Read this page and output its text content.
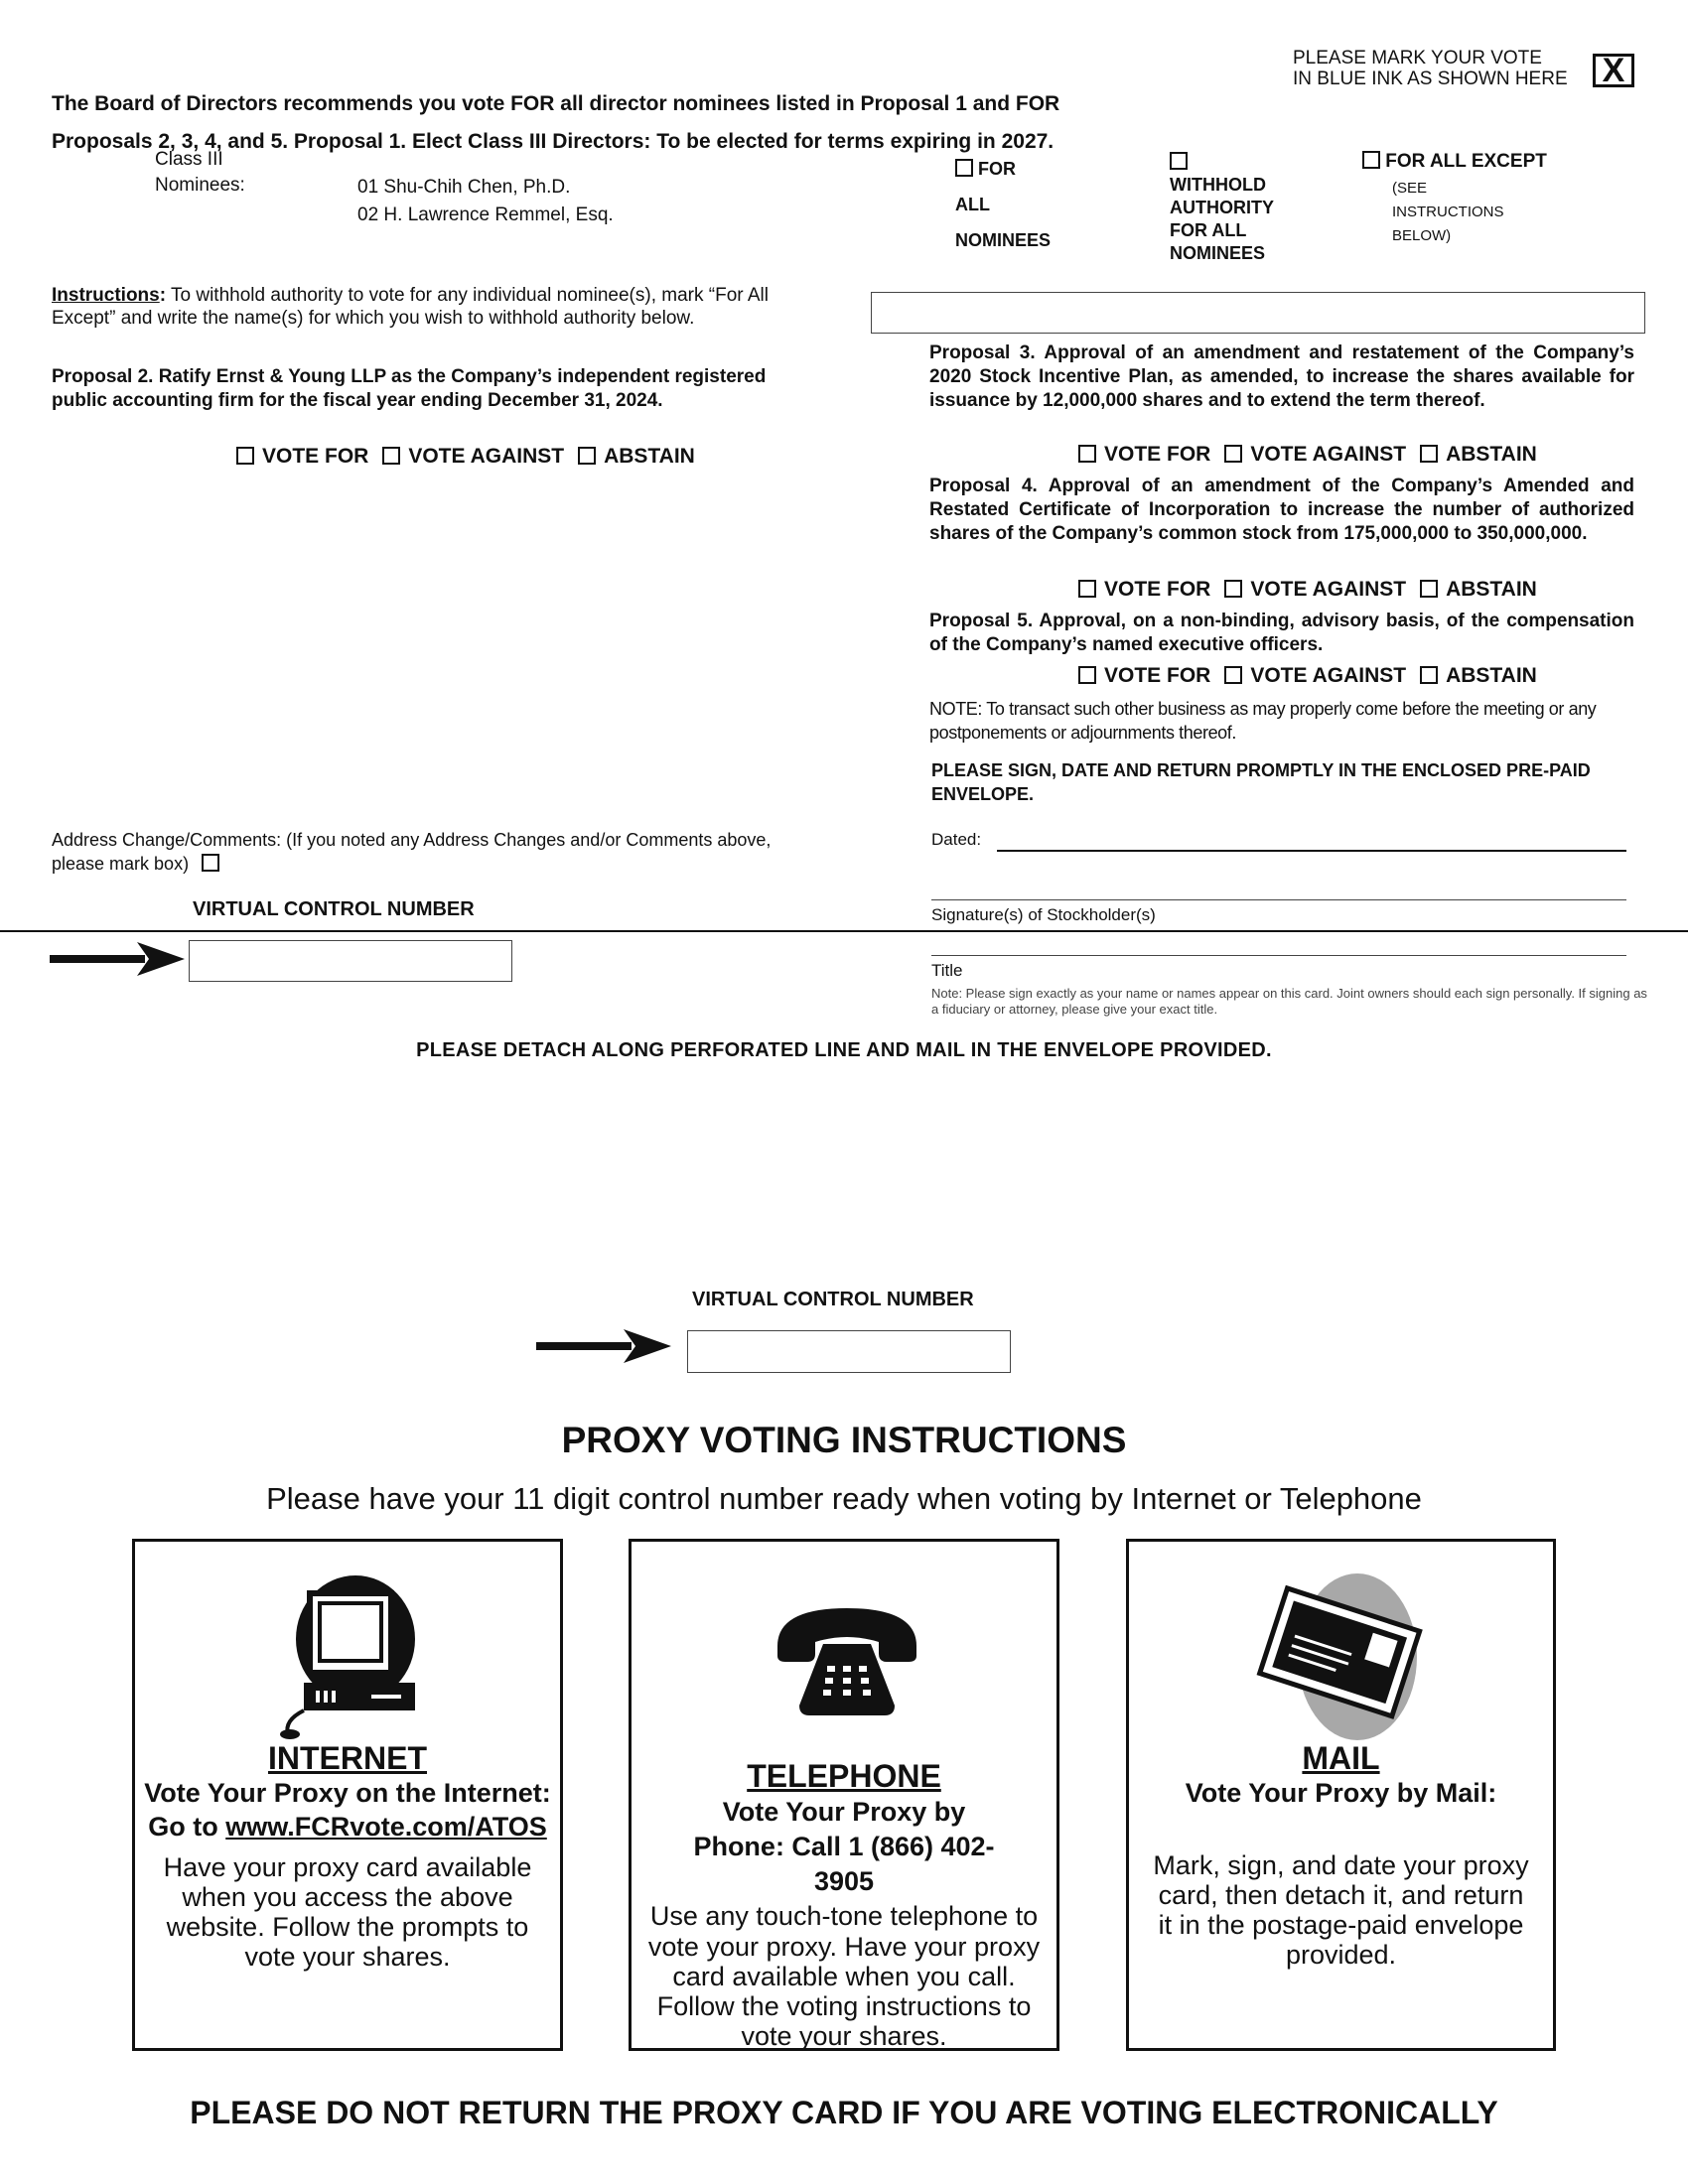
PLEASE MARK YOUR VOTE
IN BLUE INK AS SHOWN HERE X
The Board of Directors recommends you vote FOR all director nominees listed in Proposal 1 and FOR
Proposals 2, 3, 4, and 5. Proposal 1. Elect Class III Directors: To be elected for terms expiring in 2027.
Class III
Nominees:	01 Shu-Chih Chen, Ph.D.
02 H. Lawrence Remmel, Esq.
FOR
ALL
NOMINEES
WITHHOLD
AUTHORITY
FOR ALL
NOMINEES
FOR ALL EXCEPT
(SEE
INSTRUCTIONS
BELOW)
Instructions: To withhold authority to vote for any individual nominee(s), mark “For All Except” and write the name(s) for which you wish to withhold authority below.
Proposal 2. Ratify Ernst & Young LLP as the Company’s independent registered public accounting firm for the fiscal year ending December 31, 2024.
VOTE FOR VOTE AGAINST ABSTAIN
Address Change/Comments: (If you noted any Address Changes and/or Comments above, please mark box)
VIRTUAL CONTROL NUMBER
Proposal 3. Approval of an amendment and restatement of the Company’s 2020 Stock Incentive Plan, as amended, to increase the shares available for issuance by 12,000,000 shares and to extend the term thereof.
VOTE FOR VOTE AGAINST ABSTAIN
Proposal 4. Approval of an amendment of the Company’s Amended and Restated Certificate of Incorporation to increase the number of authorized shares of the Company’s common stock from 175,000,000 to 350,000,000.
VOTE FOR VOTE AGAINST ABSTAIN
Proposal 5. Approval, on a non-binding, advisory basis, of the compensation of the Company’s named executive officers.
VOTE FOR VOTE AGAINST ABSTAIN
NOTE: To transact such other business as may properly come before the meeting or any postponements or adjournments thereof.
PLEASE SIGN, DATE AND RETURN PROMPTLY IN THE ENCLOSED PRE-PAID ENVELOPE.
Dated:
Signature(s) of Stockholder(s)
Title
Note: Please sign exactly as your name or names appear on this card. Joint owners should each sign personally. If signing as a fiduciary or attorney, please give your exact title.
PLEASE DETACH ALONG PERFORATED LINE AND MAIL IN THE ENVELOPE PROVIDED.
VIRTUAL CONTROL NUMBER
PROXY VOTING INSTRUCTIONS
Please have your 11 digit control number ready when voting by Internet or Telephone
INTERNET
Vote Your Proxy on the Internet:
Go to www.FCRvote.com/ATOS
Have your proxy card available when you access the above website. Follow the prompts to vote your shares.
TELEPHONE
Vote Your Proxy by Phone: Call 1 (866) 402-3905
Use any touch-tone telephone to vote your proxy. Have your proxy card available when you call. Follow the voting instructions to vote your shares.
MAIL
Vote Your Proxy by Mail:
Mark, sign, and date your proxy card, then detach it, and return it in the postage-paid envelope provided.
PLEASE DO NOT RETURN THE PROXY CARD IF YOU ARE VOTING ELECTRONICALLY
